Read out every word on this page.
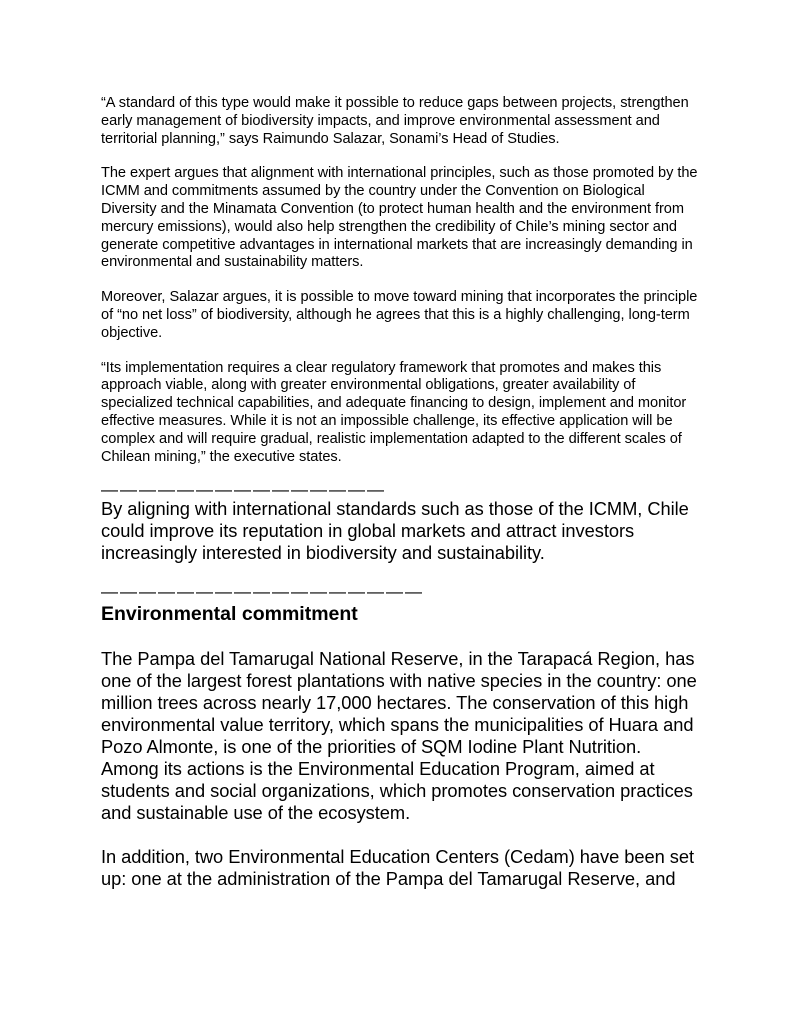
“A standard of this type would make it possible to reduce gaps between projects, strengthen early management of biodiversity impacts, and improve environmental assessment and territorial planning,” says Raimundo Salazar, Sonami’s Head of Studies.

The expert argues that alignment with international principles, such as those promoted by the ICMM and commitments assumed by the country under the Convention on Biological Diversity and the Minamata Convention (to protect human health and the environment from mercury emissions), would also help strengthen the credibility of Chile’s mining sector and generate competitive advantages in international markets that are increasingly demanding in environmental and sustainability matters.

Moreover, Salazar argues, it is possible to move toward mining that incorporates the principle of “no net loss” of biodiversity, although he agrees that this is a highly challenging, long-term objective.

“Its implementation requires a clear regulatory framework that promotes and makes this approach viable, along with greater environmental obligations, greater availability of specialized technical capabilities, and adequate financing to design, implement and monitor effective measures. While it is not an impossible challenge, its effective application will be complex and will require gradual, realistic implementation adapted to the different scales of Chilean mining,” the executive states.

———————————————

By aligning with international standards such as those of the ICMM, Chile could improve its reputation in global markets and attract investors increasingly interested in biodiversity and sustainability.

—————————————————
Environmental commitment

The Pampa del Tamarugal National Reserve, in the Tarapacá Region, has one of the largest forest plantations with native species in the country: one million trees across nearly 17,000 hectares. The conservation of this high environmental value territory, which spans the municipalities of Huara and Pozo Almonte, is one of the priorities of SQM Iodine Plant Nutrition. Among its actions is the Environmental Education Program, aimed at students and social organizations, which promotes conservation practices and sustainable use of the ecosystem.

In addition, two Environmental Education Centers (Cedam) have been set up: one at the administration of the Pampa del Tamarugal Reserve, and
